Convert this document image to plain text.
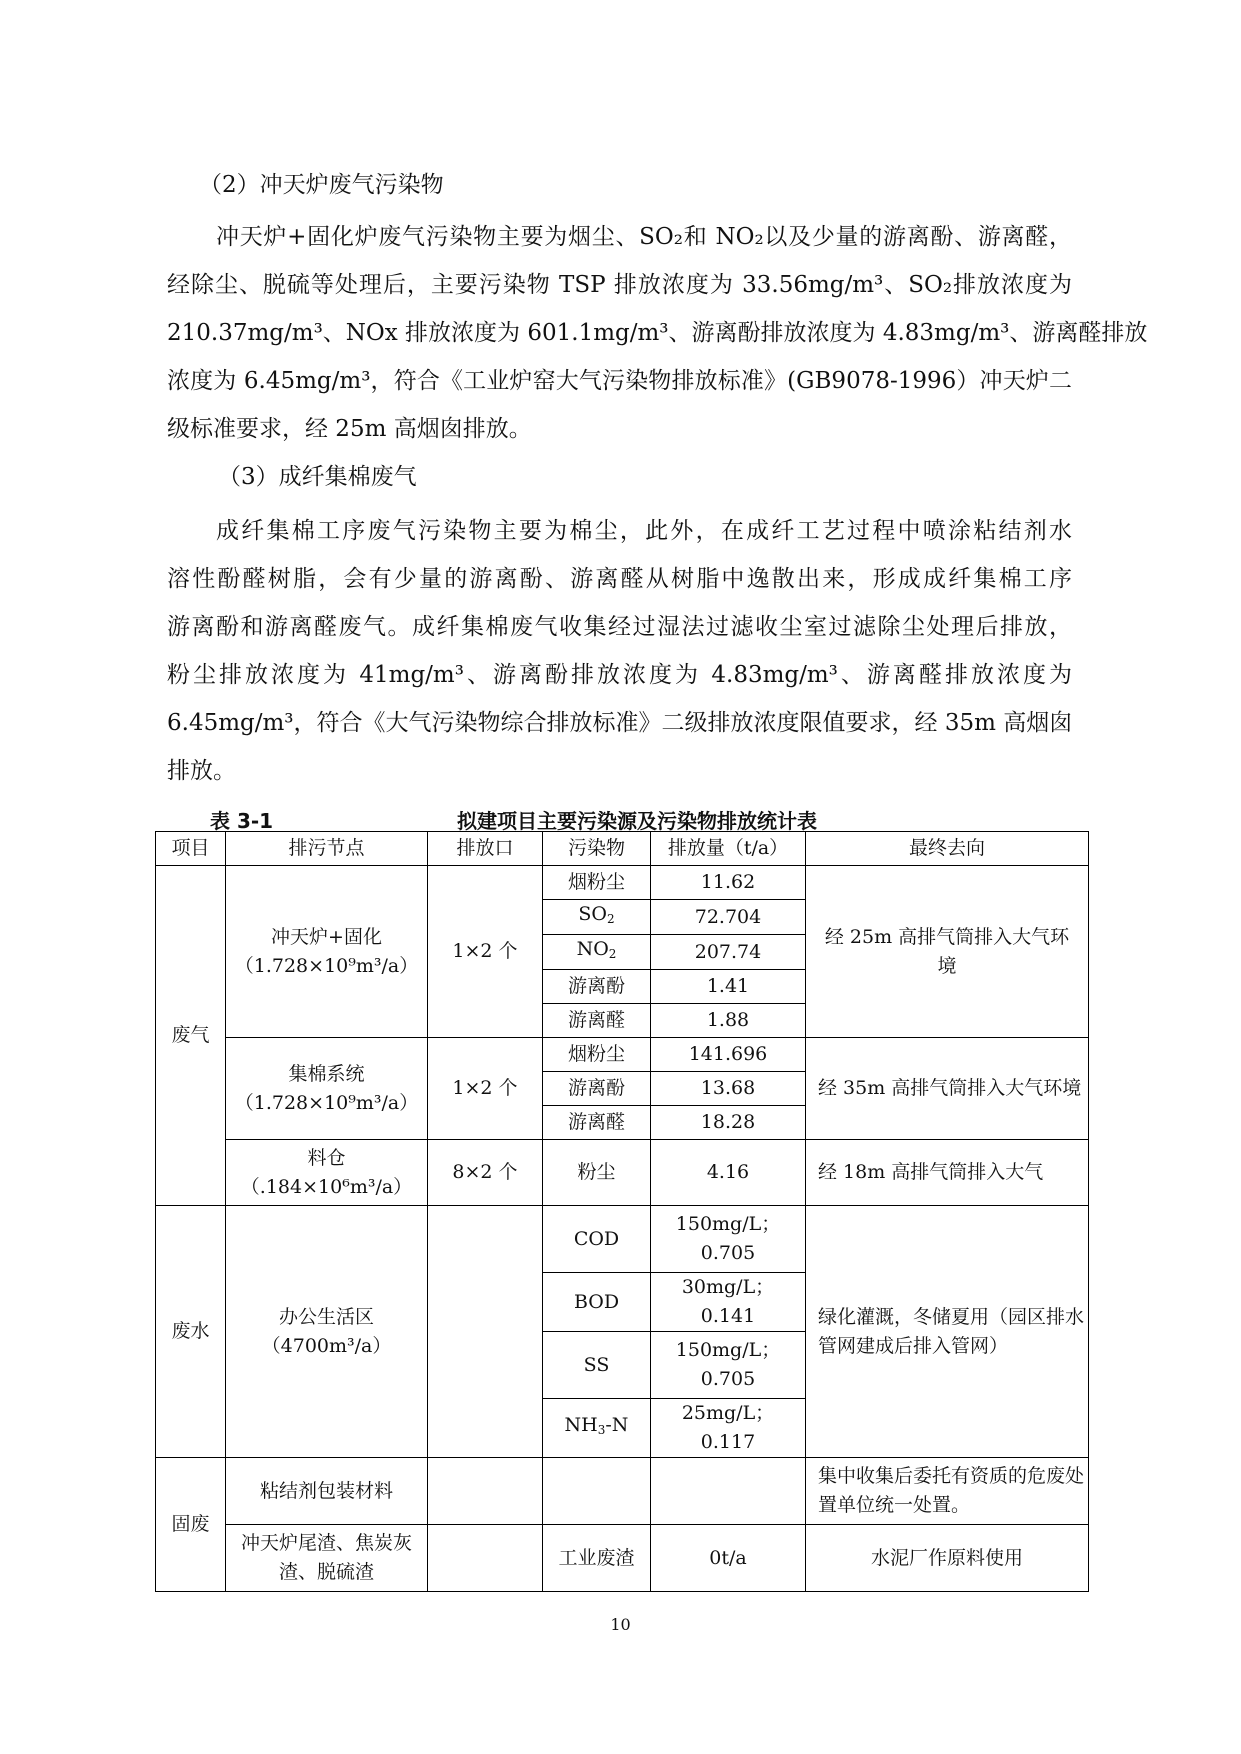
（2）冲天炉废气污染物
冲天炉+固化炉废气污染物主要为烟尘、SO₂和 NO₂以及少量的游离酚、游离醛，
经除尘、脱硫等处理后，主要污染物 TSP 排放浓度为 33.56mg/m³、SO₂排放浓度为
210.37mg/m³、NOx 排放浓度为 601.1mg/m³、游离酚排放浓度为 4.83mg/m³、游离醛排放
浓度为 6.45mg/m³，符合《工业炉窑大气污染物排放标准》(GB9078-1996）冲天炉二
级标准要求，经 25m 高烟囱排放。
（3）成纤集棉废气
成纤集棉工序废气污染物主要为棉尘，此外，在成纤工艺过程中喷涂粘结剂水
溶性酚醛树脂，会有少量的游离酚、游离醛从树脂中逸散出来，形成成纤集棉工序
游离酚和游离醛废气。成纤集棉废气收集经过湿法过滤收尘室过滤除尘处理后排放，
粉尘排放浓度为 41mg/m³、游离酚排放浓度为 4.83mg/m³、游离醛排放浓度为
6.45mg/m³，符合《大气污染物综合排放标准》二级排放浓度限值要求，经 35m 高烟囱
排放。
表 3-1	拟建项目主要污染源及污染物排放统计表
项目	排污节点	排放口	污染物	排放量（t/a）	最终去向
废气	冲天炉+固化
（1.728×10⁹m³/a）	1×2 个	烟粉尘	11.62	经 25m 高排气筒排入大气环境
			$SO_2$	72.704	
			$NO_2$	207.74	
			游离酚	1.41	
			游离醛	1.88	
	集棉系统
（1.728×10⁹m³/a）	1×2 个	烟粉尘	141.696	经 35m 高排气筒排入大气环境
			游离酚	13.68	
			游离醛	18.28	
	料仓
（.184×10⁶m³/a）	8×2 个	粉尘	4.16	经 18m 高排气筒排入大气
废水	办公生活区
（4700m³/a）		COD	150mg/L；0.705	绿化灌溉，冬储夏用（园区排水管网建成后排入管网）
			BOD	30mg/L；0.141	
			SS	150mg/L；0.705	
			$NH_3-N$	25mg/L；0.117	
固废	粘结剂包装材料				集中收集后委托有资质的危废处置单位统一处置。
	冲天炉尾渣、焦炭灰渣、脱硫渣		工业废渣	0t/a	水泥厂作原料使用
10
